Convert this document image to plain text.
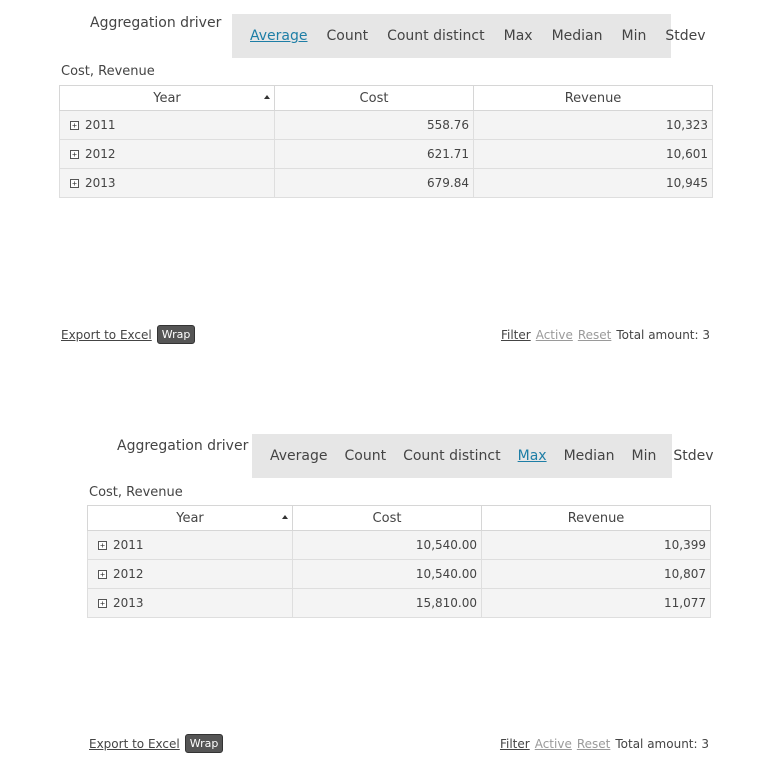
Aggregation driver
Average Count Count distinct Max Median Min Stdev
Cost, Revenue
Year	Cost	Revenue
+ 2011	558.76	10,323
+ 2012	621.71	10,601
+ 2013	679.84	10,945
Export to Excel Wrap	Filter Active Reset Total amount: 3
Aggregation driver
Average Count Count distinct Max Median Min Stdev
Cost, Revenue
Year	Cost	Revenue
+ 2011	10,540.00	10,399
+ 2012	10,540.00	10,807
+ 2013	15,810.00	11,077
Export to Excel Wrap	Filter Active Reset Total amount: 3
